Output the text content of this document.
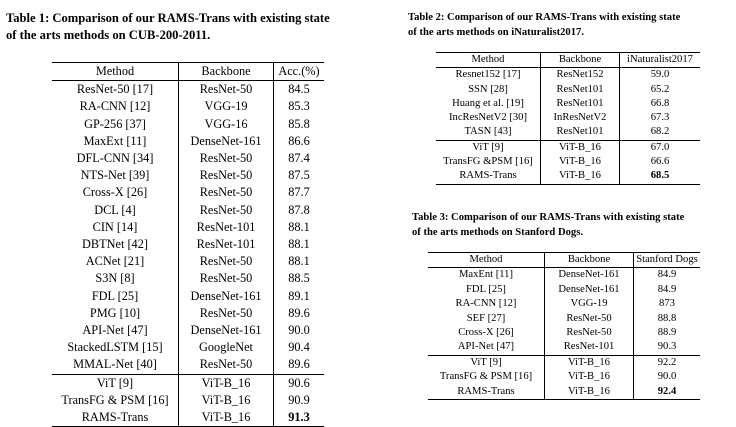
Table 1: Comparison of our RAMS-Trans with existing state
of the arts methods on CUB-200-2011.
Method	Backbone	Acc.(%)
ResNet-50 [17]	ResNet-50	84.5
RA-CNN [12]	VGG-19	85.3
GP-256 [37]	VGG-16	85.8
MaxExt [11]	DenseNet-161	86.6
DFL-CNN [34]	ResNet-50	87.4
NTS-Net [39]	ResNet-50	87.5
Cross-X [26]	ResNet-50	87.7
DCL [4]	ResNet-50	87.8
CIN [14]	ResNet-101	88.1
DBTNet [42]	ResNet-101	88.1
ACNet [21]	ResNet-50	88.1
S3N [8]	ResNet-50	88.5
FDL [25]	DenseNet-161	89.1
PMG [10]	ResNet-50	89.6
API-Net [47]	DenseNet-161	90.0
StackedLSTM [15]	GoogleNet	90.4
MMAL-Net [40]	ResNet-50	89.6
ViT [9]	ViT-B_16	90.6
TransFG & PSM [16]	ViT-B_16	90.9
RAMS-Trans	ViT-B_16	91.3
Table 2: Comparison of our RAMS-Trans with existing state
of the arts methods on iNaturalist2017.
Method	Backbone	iNaturalist2017
Resnet152 [17]	ResNet152	59.0
SSN [28]	ResNet101	65.2
Huang et al. [19]	ResNet101	66.8
IncResNetV2 [30]	InResNetV2	67.3
TASN [43]	ResNet101	68.2
ViT [9]	ViT-B_16	67.0
TransFG &PSM [16]	ViT-B_16	66.6
RAMS-Trans	ViT-B_16	68.5
Table 3: Comparison of our RAMS-Trans with existing state
of the arts methods on Stanford Dogs.
Method	Backbone	Stanford Dogs
MaxEnt [11]	DenseNet-161	84.9
FDL [25]	DenseNet-161	84.9
RA-CNN [12]	VGG-19	873
SEF [27]	ResNet-50	88.8
Cross-X [26]	ResNet-50	88.9
API-Net [47]	ResNet-101	90.3
ViT [9]	ViT-B_16	92.2
TransFG & PSM [16]	ViT-B_16	90.0
RAMS-Trans	ViT-B_16	92.4
